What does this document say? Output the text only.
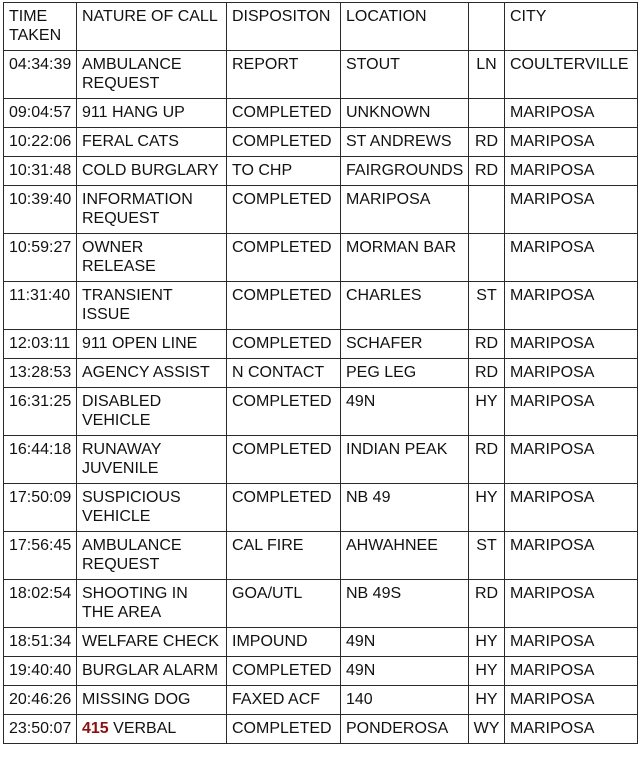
TIME
TAKEN	NATURE OF CALL	DISPOSITON	LOCATION		CITY
04:34:39	AMBULANCE
REQUEST	REPORT	STOUT	LN	COULTERVILLE
09:04:57	911 HANG UP	COMPLETED	UNKNOWN		MARIPOSA
10:22:06	FERAL CATS	COMPLETED	ST ANDREWS	RD	MARIPOSA
10:31:48	COLD BURGLARY	TO CHP	FAIRGROUNDS	RD	MARIPOSA
10:39:40	INFORMATION
REQUEST	COMPLETED	MARIPOSA		MARIPOSA
10:59:27	OWNER
RELEASE	COMPLETED	MORMAN BAR		MARIPOSA
11:31:40	TRANSIENT
ISSUE	COMPLETED	CHARLES	ST	MARIPOSA
12:03:11	911 OPEN LINE	COMPLETED	SCHAFER	RD	MARIPOSA
13:28:53	AGENCY ASSIST	N CONTACT	PEG LEG	RD	MARIPOSA
16:31:25	DISABLED
VEHICLE	COMPLETED	49N	HY	MARIPOSA
16:44:18	RUNAWAY
JUVENILE	COMPLETED	INDIAN PEAK	RD	MARIPOSA
17:50:09	SUSPICIOUS
VEHICLE	COMPLETED	NB 49	HY	MARIPOSA
17:56:45	AMBULANCE
REQUEST	CAL FIRE	AHWAHNEE	ST	MARIPOSA
18:02:54	SHOOTING IN
THE AREA	GOA/UTL	NB 49S	RD	MARIPOSA
18:51:34	WELFARE CHECK	IMPOUND	49N	HY	MARIPOSA
19:40:40	BURGLAR ALARM	COMPLETED	49N	HY	MARIPOSA
20:46:26	MISSING DOG	FAXED ACF	140	HY	MARIPOSA
23:50:07	415 VERBAL	COMPLETED	PONDEROSA	WY	MARIPOSA
